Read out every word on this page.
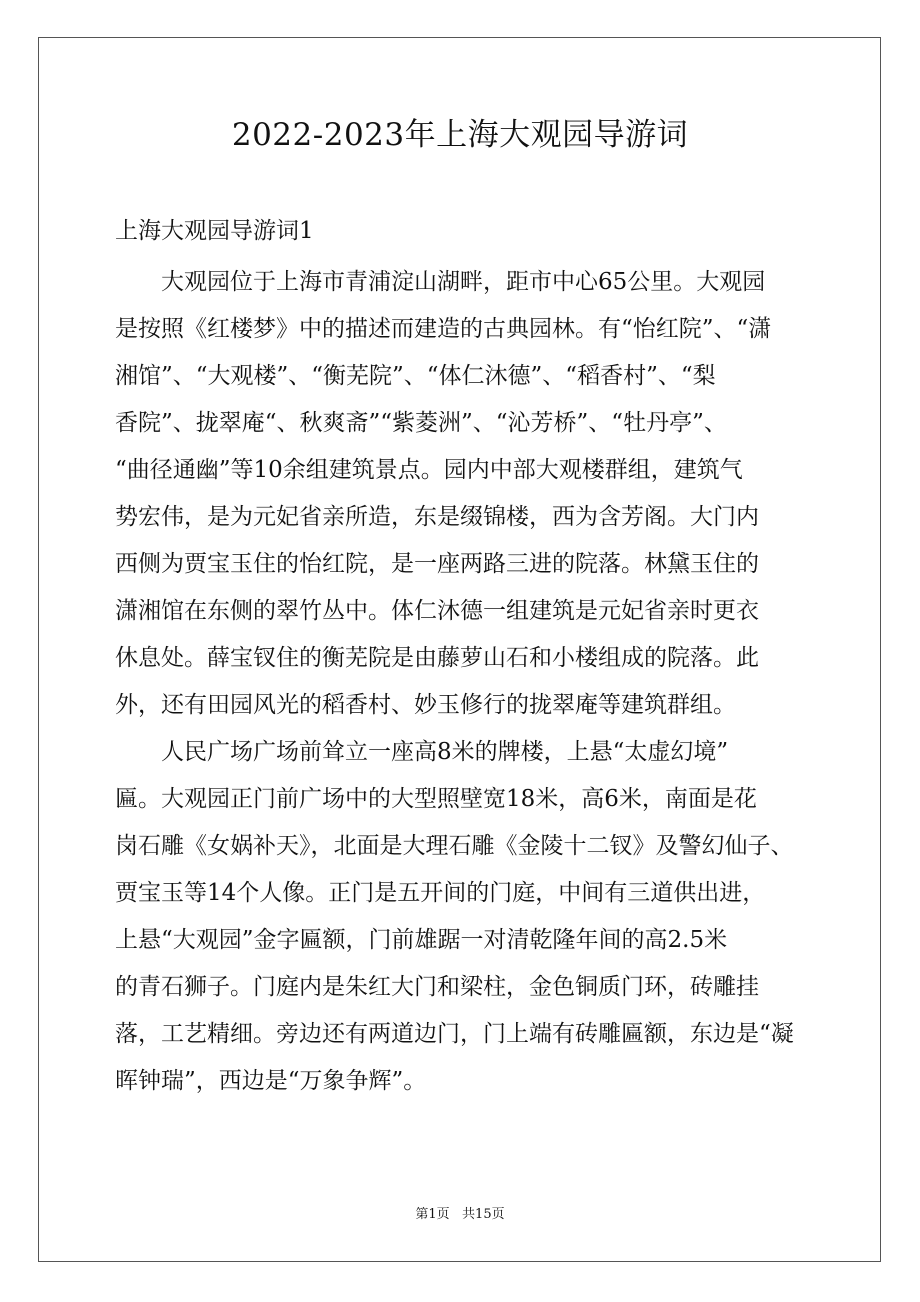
2022-2023年上海大观园导游词
上海大观园导游词1

大观园位于上海市青浦淀山湖畔，距市中心65公里。大观园
是按照《红楼梦》中的描述而建造的古典园林。有“怡红院”、“潇
湘馆”、“大观楼”、“衡芜院”、“体仁沐德”、“稻香村”、“梨
香院”、拢翠庵“、秋爽斋”“紫菱洲”、“沁芳桥”、“牡丹亭”、
“曲径通幽”等10余组建筑景点。园内中部大观楼群组，建筑气
势宏伟，是为元妃省亲所造，东是缀锦楼，西为含芳阁。大门内
西侧为贾宝玉住的怡红院，是一座两路三进的院落。林黛玉住的
潇湘馆在东侧的翠竹丛中。体仁沐德一组建筑是元妃省亲时更衣
休息处。薛宝钗住的衡芜院是由藤萝山石和小楼组成的院落。此
外，还有田园风光的稻香村、妙玉修行的拢翠庵等建筑群组。

人民广场广场前耸立一座高8米的牌楼，上悬“太虚幻境”
匾。大观园正门前广场中的大型照壁宽18米，高6米，南面是花
岗石雕《女娲补天》，北面是大理石雕《金陵十二钗》及警幻仙子、
贾宝玉等14个人像。正门是五开间的门庭，中间有三道供出进，
上悬“大观园”金字匾额，门前雄踞一对清乾隆年间的高2.5米
的青石狮子。门庭内是朱红大门和梁柱，金色铜质门环，砖雕挂
落，工艺精细。旁边还有两道边门，门上端有砖雕匾额，东边是“凝
晖钟瑞”，西边是“万象争辉”。

第1页   共15页
